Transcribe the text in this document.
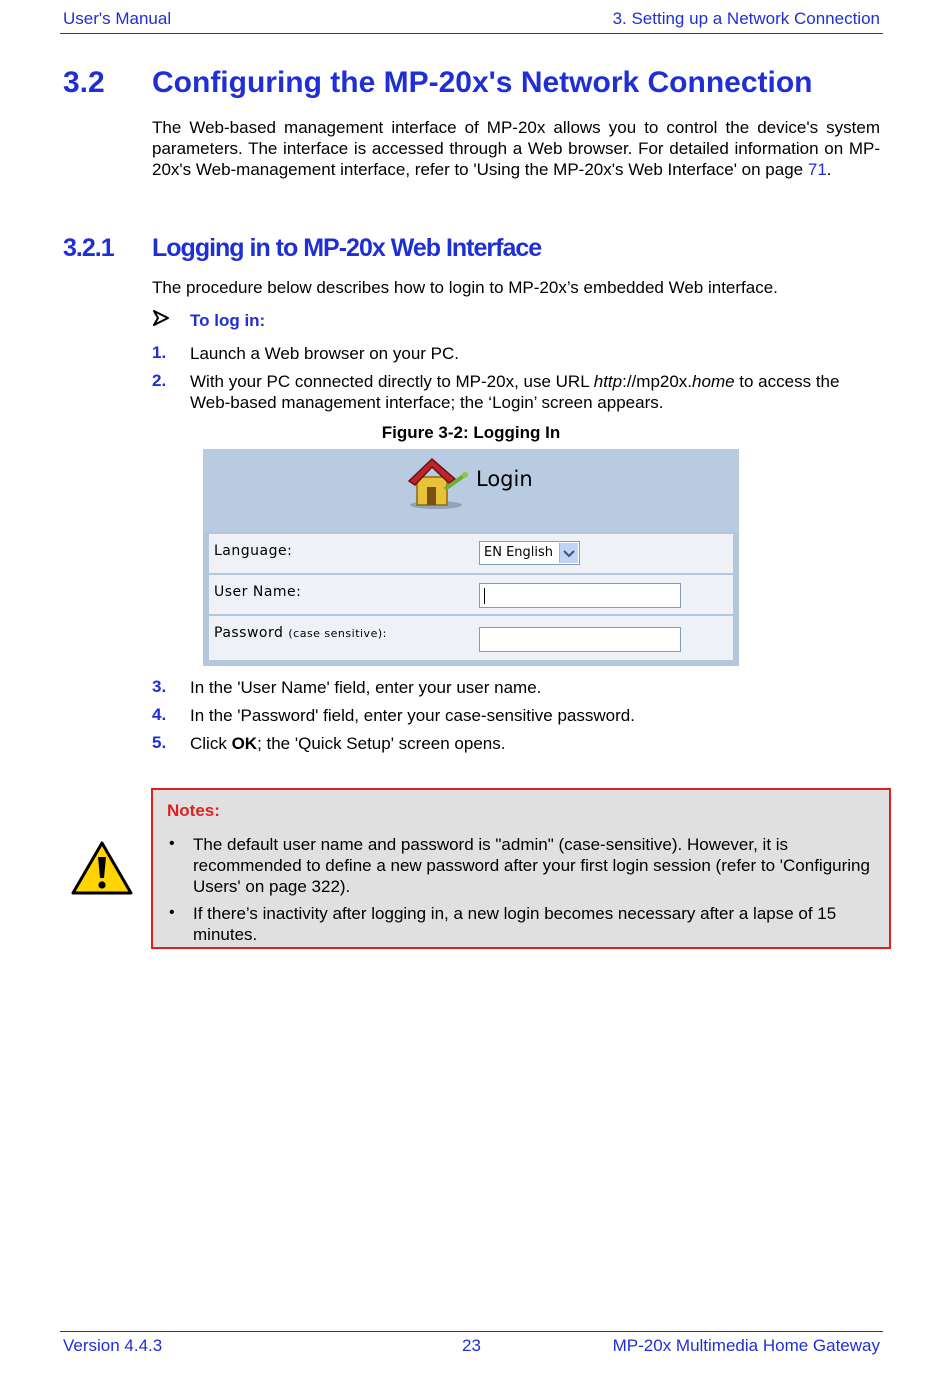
User's Manual	3. Setting up a Network Connection
3.2 Configuring the MP-20x's Network Connection
The Web-based management interface of MP-20x allows you to control the device's system parameters. The interface is accessed through a Web browser. For detailed information on MP-20x's Web-management interface, refer to 'Using the MP-20x's Web Interface' on page 71.
3.2.1 Logging in to MP-20x Web Interface
The procedure below describes how to login to MP-20x’s embedded Web interface.
To log in:
1. Launch a Web browser on your PC.
2. With your PC connected directly to MP-20x, use URL http://mp20x.home to access the Web-based management interface; the ‘Login’ screen appears.
Figure 3-2: Logging In
Login
Language:	EN English
User Name:
Password (case sensitive):
3. In the 'User Name' field, enter your user name.
4. In the 'Password' field, enter your case-sensitive password.
5. Click OK; the 'Quick Setup' screen opens.
Notes:
• The default user name and password is "admin" (case-sensitive). However, it is recommended to define a new password after your first login session (refer to 'Configuring Users' on page 322).
• If there’s inactivity after logging in, a new login becomes necessary after a lapse of 15 minutes.
Version 4.4.3	23	MP-20x Multimedia Home Gateway
